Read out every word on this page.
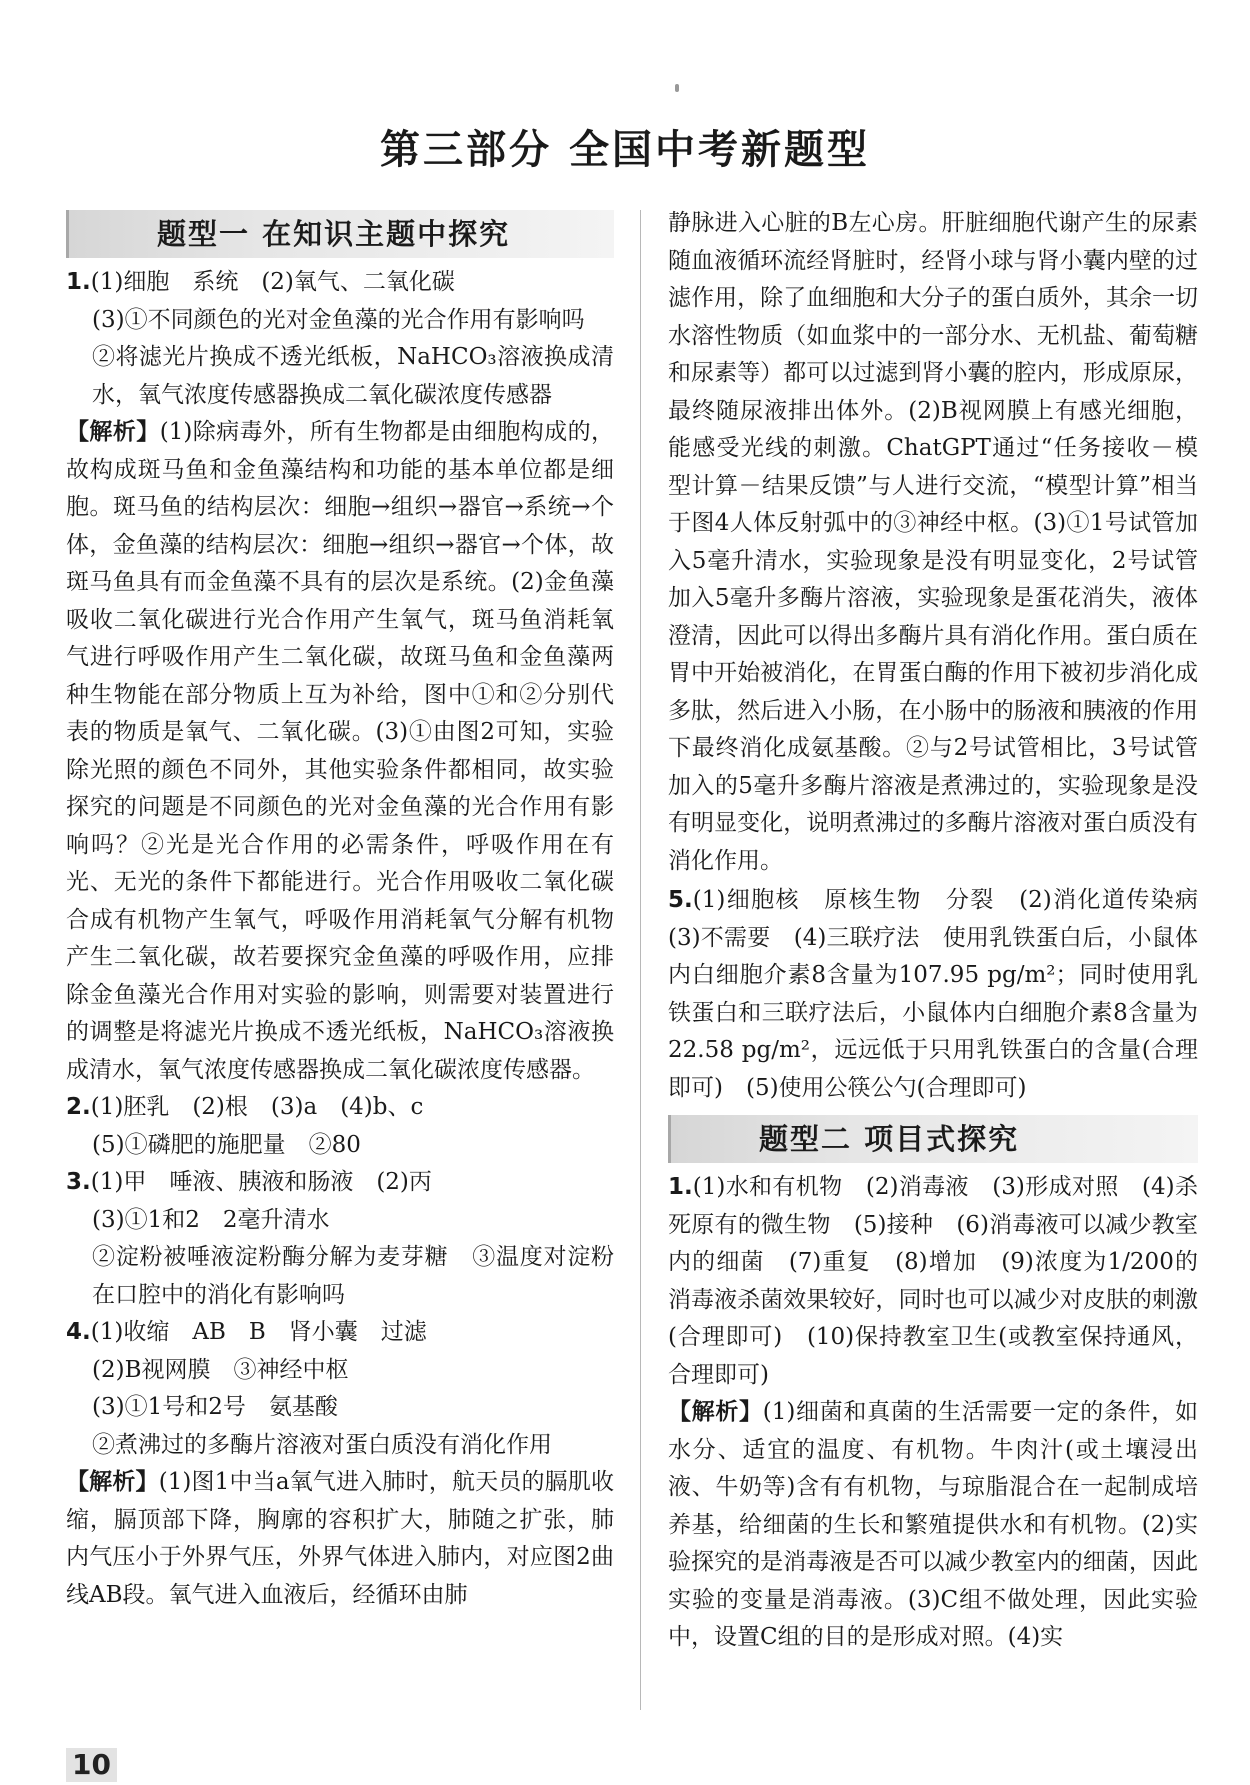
第三部分 全国中考新题型
题型一 在知识主题中探究
1.(1)细胞　系统　(2)氧气、二氧化碳
(3)①不同颜色的光对金鱼藻的光合作用有影响吗
②将滤光片换成不透光纸板，NaHCO₃溶液换成清水，氧气浓度传感器换成二氧化碳浓度传感器
【解析】(1)除病毒外，所有生物都是由细胞构成的，故构成斑马鱼和金鱼藻结构和功能的基本单位都是细胞。斑马鱼的结构层次：细胞→组织→器官→系统→个体，金鱼藻的结构层次：细胞→组织→器官→个体，故斑马鱼具有而金鱼藻不具有的层次是系统。(2)金鱼藻吸收二氧化碳进行光合作用产生氧气，斑马鱼消耗氧气进行呼吸作用产生二氧化碳，故斑马鱼和金鱼藻两种生物能在部分物质上互为补给，图中①和②分别代表的物质是氧气、二氧化碳。(3)①由图2可知，实验除光照的颜色不同外，其他实验条件都相同，故实验探究的问题是不同颜色的光对金鱼藻的光合作用有影响吗？②光是光合作用的必需条件，呼吸作用在有光、无光的条件下都能进行。光合作用吸收二氧化碳合成有机物产生氧气，呼吸作用消耗氧气分解有机物产生二氧化碳，故若要探究金鱼藻的呼吸作用，应排除金鱼藻光合作用对实验的影响，则需要对装置进行的调整是将滤光片换成不透光纸板，NaHCO₃溶液换成清水，氧气浓度传感器换成二氧化碳浓度传感器。
2.(1)胚乳　(2)根　(3)a　(4)b、c
(5)①磷肥的施肥量　②80
3.(1)甲　唾液、胰液和肠液　(2)丙
(3)①1和2　2毫升清水
②淀粉被唾液淀粉酶分解为麦芽糖　③温度对淀粉在口腔中的消化有影响吗
4.(1)收缩　AB　B　肾小囊　过滤
(2)B视网膜　③神经中枢
(3)①1号和2号　氨基酸
②煮沸过的多酶片溶液对蛋白质没有消化作用
【解析】(1)图1中当a氧气进入肺时，航天员的膈肌收缩，膈顶部下降，胸廓的容积扩大，肺随之扩张，肺内气压小于外界气压，外界气体进入肺内，对应图2曲线AB段。氧气进入血液后，经循环由肺
静脉进入心脏的B左心房。肝脏细胞代谢产生的尿素随血液循环流经肾脏时，经肾小球与肾小囊内壁的过滤作用，除了血细胞和大分子的蛋白质外，其余一切水溶性物质（如血浆中的一部分水、无机盐、葡萄糖和尿素等）都可以过滤到肾小囊的腔内，形成原尿，最终随尿液排出体外。(2)B视网膜上有感光细胞，能感受光线的刺激。ChatGPT通过“任务接收－模型计算－结果反馈”与人进行交流，“模型计算”相当于图4人体反射弧中的③神经中枢。(3)①1号试管加入5毫升清水，实验现象是没有明显变化，2号试管加入5毫升多酶片溶液，实验现象是蛋花消失，液体澄清，因此可以得出多酶片具有消化作用。蛋白质在胃中开始被消化，在胃蛋白酶的作用下被初步消化成多肽，然后进入小肠，在小肠中的肠液和胰液的作用下最终消化成氨基酸。②与2号试管相比，3号试管加入的5毫升多酶片溶液是煮沸过的，实验现象是没有明显变化，说明煮沸过的多酶片溶液对蛋白质没有消化作用。
5.(1)细胞核　原核生物　分裂　(2)消化道传染病　(3)不需要　(4)三联疗法　使用乳铁蛋白后，小鼠体内白细胞介素8含量为107.95 pg/m²；同时使用乳铁蛋白和三联疗法后，小鼠体内白细胞介素8含量为22.58 pg/m²，远远低于只用乳铁蛋白的含量(合理即可)　(5)使用公筷公勺(合理即可)
题型二 项目式探究
1.(1)水和有机物　(2)消毒液　(3)形成对照　(4)杀死原有的微生物　(5)接种　(6)消毒液可以减少教室内的细菌　(7)重复　(8)增加　(9)浓度为1/200的消毒液杀菌效果较好，同时也可以减少对皮肤的刺激(合理即可)　(10)保持教室卫生(或教室保持通风，合理即可)
【解析】(1)细菌和真菌的生活需要一定的条件，如水分、适宜的温度、有机物。牛肉汁(或土壤浸出液、牛奶等)含有有机物，与琼脂混合在一起制成培养基，给细菌的生长和繁殖提供水和有机物。(2)实验探究的是消毒液是否可以减少教室内的细菌，因此实验的变量是消毒液。(3)C组不做处理，因此实验中，设置C组的目的是形成对照。(4)实
10
